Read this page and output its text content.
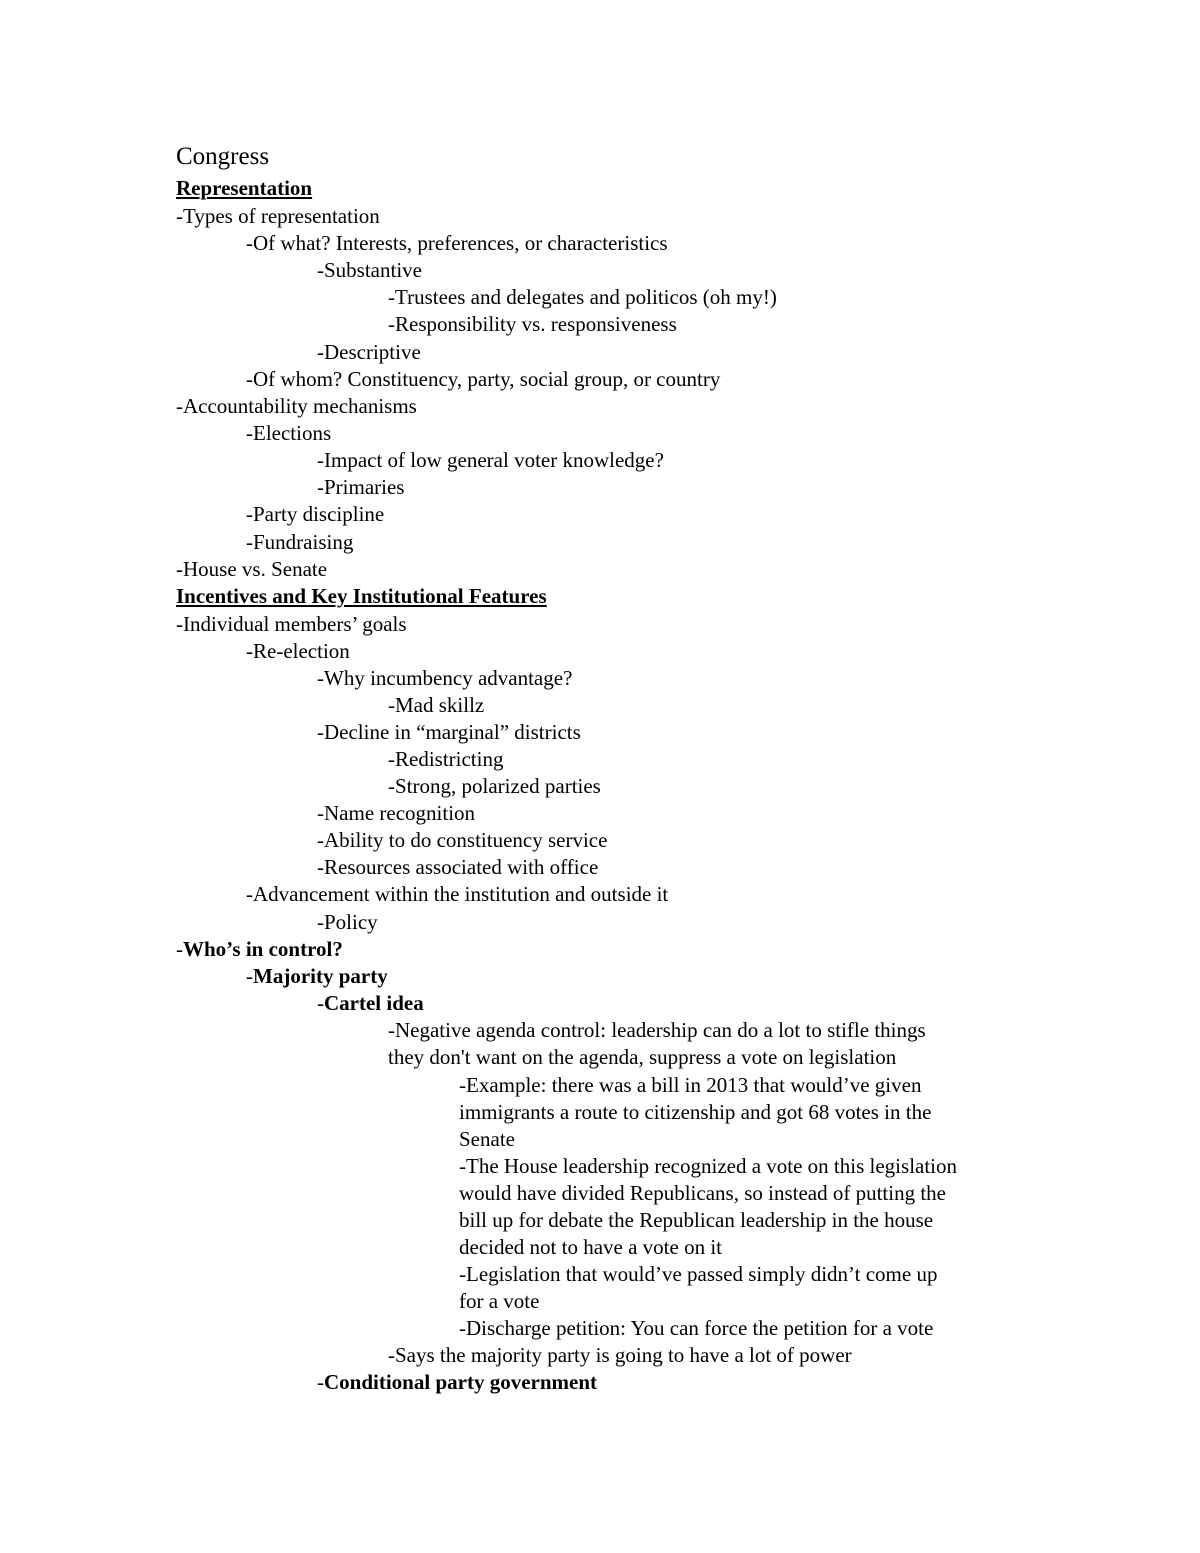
Congress
Representation
-Types of representation
-Of what? Interests, preferences, or characteristics
-Substantive
-Trustees and delegates and politicos (oh my!)
-Responsibility vs. responsiveness
-Descriptive
-Of whom? Constituency, party, social group, or country
-Accountability mechanisms
-Elections
-Impact of low general voter knowledge?
-Primaries
-Party discipline
-Fundraising
-House vs. Senate
Incentives and Key Institutional Features
-Individual members’ goals
-Re-election
-Why incumbency advantage?
-Mad skillz
-Decline in “marginal” districts
-Redistricting
-Strong, polarized parties
-Name recognition
-Ability to do constituency service
-Resources associated with office
-Advancement within the institution and outside it
-Policy
-Who’s in control?
-Majority party
-Cartel idea
-Negative agenda control: leadership can do a lot to stifle things
they don't want on the agenda, suppress a vote on legislation
-Example: there was a bill in 2013 that would’ve given
immigrants a route to citizenship and got 68 votes in the
Senate
-The House leadership recognized a vote on this legislation
would have divided Republicans, so instead of putting the
bill up for debate the Republican leadership in the house
decided not to have a vote on it
-Legislation that would’ve passed simply didn’t come up
for a vote
-Discharge petition: You can force the petition for a vote
-Says the majority party is going to have a lot of power
-Conditional party government
